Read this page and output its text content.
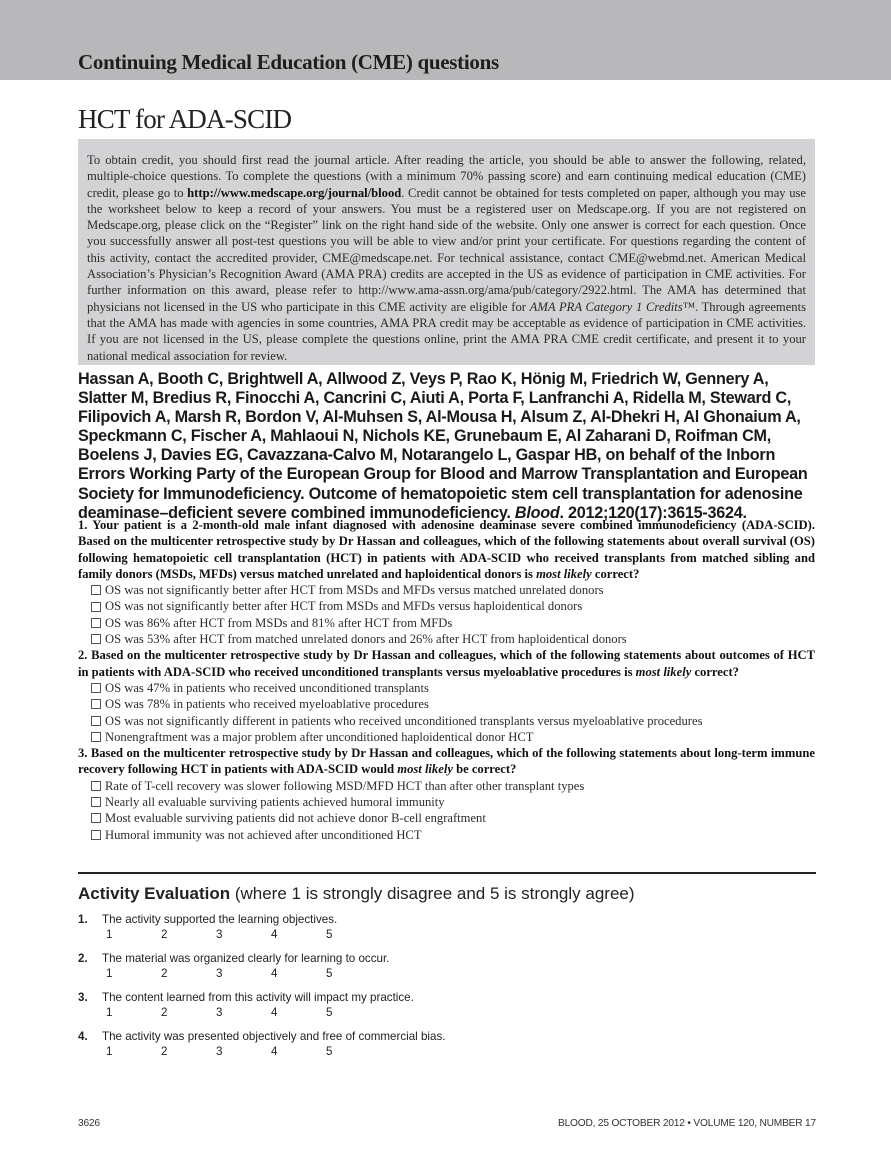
Continuing Medical Education (CME) questions
HCT for ADA-SCID

To obtain credit, you should first read the journal article. After reading the article, you should be able to answer the following, related, multiple-choice questions. To complete the questions (with a minimum 70% passing score) and earn continuing medical education (CME) credit, please go to http://www.medscape.org/journal/blood. Credit cannot be obtained for tests completed on paper, although you may use the worksheet below to keep a record of your answers. You must be a registered user on Medscape.org. If you are not registered on Medscape.org, please click on the “Register” link on the right hand side of the website. Only one answer is correct for each question. Once you successfully answer all post-test questions you will be able to view and/or print your certificate. For questions regarding the content of this activity, contact the accredited provider, CME@medscape.net. For technical assistance, contact CME@webmd.net. American Medical Association’s Physician’s Recognition Award (AMA PRA) credits are accepted in the US as evidence of participation in CME activities. For further information on this award, please refer to http://www.ama-assn.org/ama/pub/category/2922.html. The AMA has determined that physicians not licensed in the US who participate in this CME activity are eligible for AMA PRA Category 1 Credits™. Through agreements that the AMA has made with agencies in some countries, AMA PRA credit may be acceptable as evidence of participation in CME activities. If you are not licensed in the US, please complete the questions online, print the AMA PRA CME credit certificate, and present it to your national medical association for review.

Hassan A, Booth C, Brightwell A, Allwood Z, Veys P, Rao K, Hönig M, Friedrich W, Gennery A, Slatter M, Bredius R, Finocchi A, Cancrini C, Aiuti A, Porta F, Lanfranchi A, Ridella M, Steward C, Filipovich A, Marsh R, Bordon V, Al-Muhsen S, Al-Mousa H, Alsum Z, Al-Dhekri H, Al Ghonaium A, Speckmann C, Fischer A, Mahlaoui N, Nichols KE, Grunebaum E, Al Zaharani D, Roifman CM, Boelens J, Davies EG, Cavazzana-Calvo M, Notarangelo L, Gaspar HB, on behalf of the Inborn Errors Working Party of the European Group for Blood and Marrow Transplantation and European Society for Immunodeficiency. Outcome of hematopoietic stem cell transplantation for adenosine deaminase–deficient severe combined immunodeficiency. Blood. 2012;120(17):3615-3624.

1. Your patient is a 2-month-old male infant diagnosed with adenosine deaminase severe combined immunodeficiency (ADA-SCID). Based on the multicenter retrospective study by Dr Hassan and colleagues, which of the following statements about overall survival (OS) following hematopoietic cell transplantation (HCT) in patients with ADA-SCID who received transplants from matched sibling and family donors (MSDs, MFDs) versus matched unrelated and haploidentical donors is most likely correct?

OS was not significantly better after HCT from MSDs and MFDs versus matched unrelated donors
OS was not significantly better after HCT from MSDs and MFDs versus haploidentical donors
OS was 86% after HCT from MSDs and 81% after HCT from MFDs
OS was 53% after HCT from matched unrelated donors and 26% after HCT from haploidentical donors

2. Based on the multicenter retrospective study by Dr Hassan and colleagues, which of the following statements about outcomes of HCT in patients with ADA-SCID who received unconditioned transplants versus myeloablative procedures is most likely correct?

OS was 47% in patients who received unconditioned transplants
OS was 78% in patients who received myeloablative procedures
OS was not significantly different in patients who received unconditioned transplants versus myeloablative procedures
Nonengraftment was a major problem after unconditioned haploidentical donor HCT

3. Based on the multicenter retrospective study by Dr Hassan and colleagues, which of the following statements about long-term immune recovery following HCT in patients with ADA-SCID would most likely be correct?

Rate of T-cell recovery was slower following MSD/MFD HCT than after other transplant types
Nearly all evaluable surviving patients achieved humoral immunity
Most evaluable surviving patients did not achieve donor B-cell engraftment
Humoral immunity was not achieved after unconditioned HCT

Activity Evaluation (where 1 is strongly disagree and 5 is strongly agree)

1.	The activity supported the learning objectives.
1	2	3	4	5
2.	The material was organized clearly for learning to occur.
1	2	3	4	5
3.	The content learned from this activity will impact my practice.
1	2	3	4	5
4.	The activity was presented objectively and free of commercial bias.
1	2	3	4	5
3626	BLOOD, 25 OCTOBER 2012 • VOLUME 120, NUMBER 17
